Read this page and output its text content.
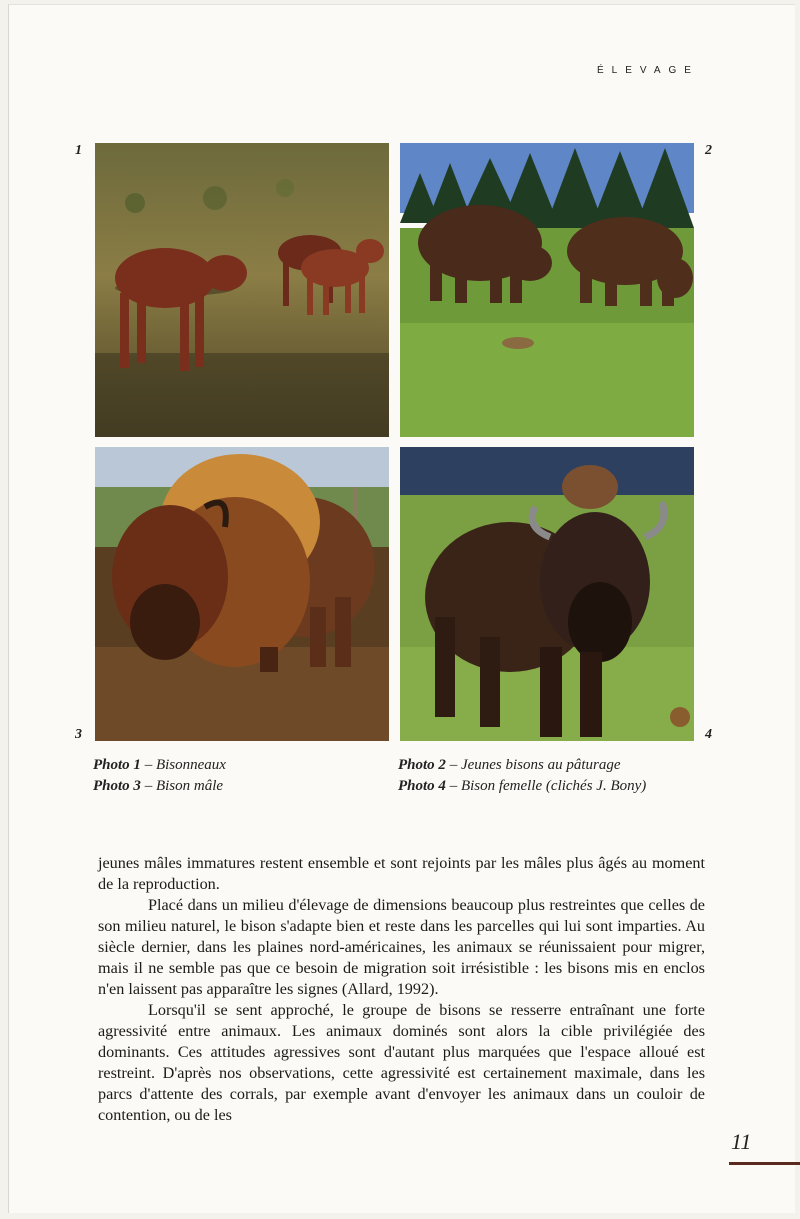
ÉLEVAGE
1	2
3	4
Photo 1 – Bisonneaux
Photo 3 – Bison mâle
Photo 2 – Jeunes bisons au pâturage
Photo 4 – Bison femelle (clichés J. Bony)

jeunes mâles immatures restent ensemble et sont rejoints par les mâles plus âgés au moment de la reproduction.

Placé dans un milieu d'élevage de dimensions beaucoup plus restreintes que celles de son milieu naturel, le bison s'adapte bien et reste dans les parcelles qui lui sont imparties. Au siècle dernier, dans les plaines nord-américaines, les animaux se réunissaient pour migrer, mais il ne semble pas que ce besoin de migration soit irrésistible : les bisons mis en enclos n'en laissent pas apparaître les signes (Allard, 1992).

Lorsqu'il se sent approché, le groupe de bisons se resserre entraînant une forte agressivité entre animaux. Les animaux dominés sont alors la cible privilégiée des dominants. Ces attitudes agressives sont d'autant plus marquées que l'espace alloué est restreint. D'après nos observations, cette agressivité est certainement maximale, dans les parcs d'attente des corrals, par exemple avant d'envoyer les animaux dans un couloir de contention, ou de les

11
